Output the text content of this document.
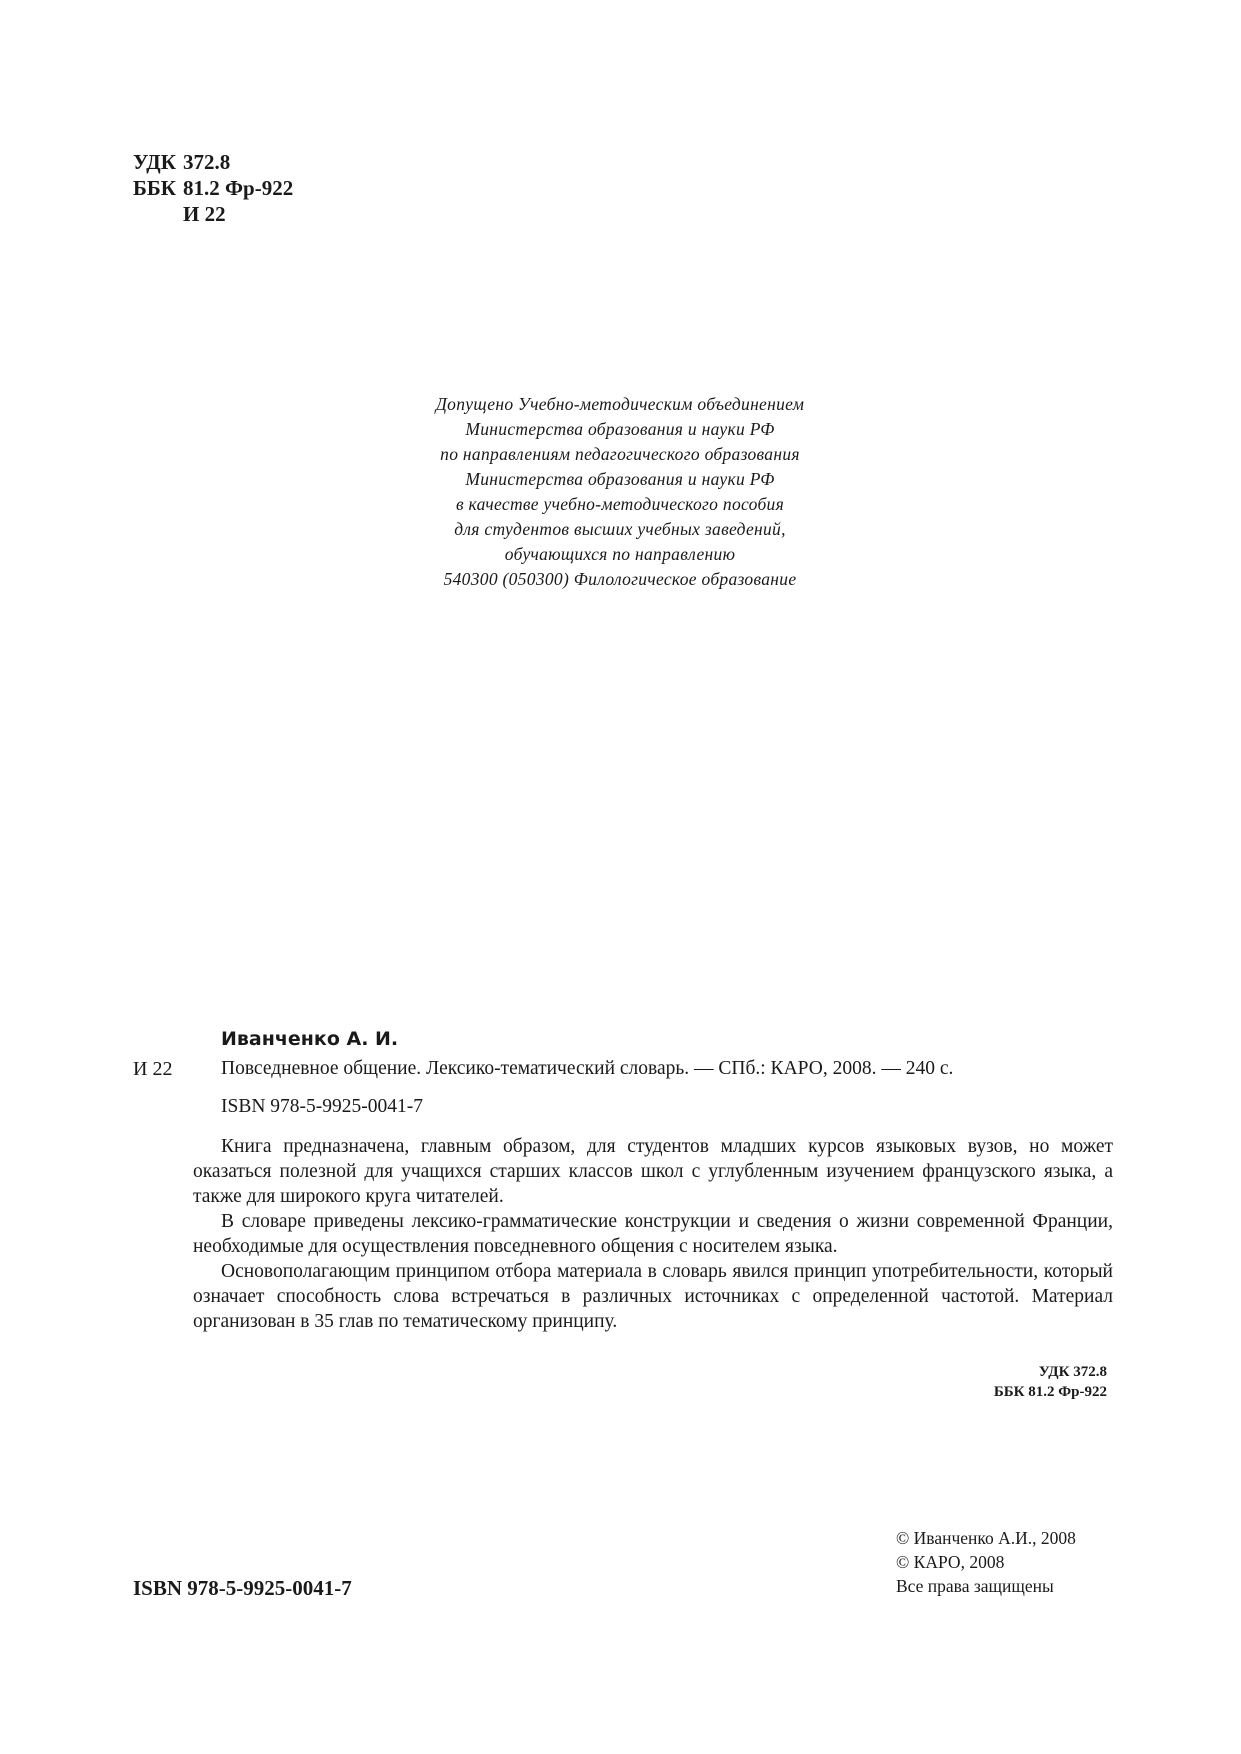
УДК 372.8
ББК 81.2 Фр-922
И 22
Допущено Учебно-методическим объединением
Министерства образования и науки РФ
по направлениям педагогического образования
Министерства образования и науки РФ
в качестве учебно-методического пособия
для студентов высших учебных заведений,
обучающихся по направлению
540300 (050300) Филологическое образование
Иванченко А. И.
И 22	Повседневное общение. Лексико-тематический словарь. — СПб.: КАРО, 2008. — 240 с.
ISBN 978-5-9925-0041-7

Книга предназначена, главным образом, для студентов младших курсов языковых вузов, но может оказаться полезной для учащихся старших классов школ с углубленным изучением французского языка, а также для широкого круга читателей.

В словаре приведены лексико-грамматические конструкции и сведения о жизни современной Франции, необходимые для осуществления повседневного общения с носителем языка.

Основополагающим принципом отбора материала в словарь явился принцип употребительности, который означает способность слова встречаться в различных источниках с определенной частотой. Материал организован в 35 глав по тематическому принципу.

УДК 372.8
ББК 81.2 Фр-922
ISBN 978-5-9925-0041-7
© Иванченко А.И., 2008
© КАРО, 2008
Все права защищены
